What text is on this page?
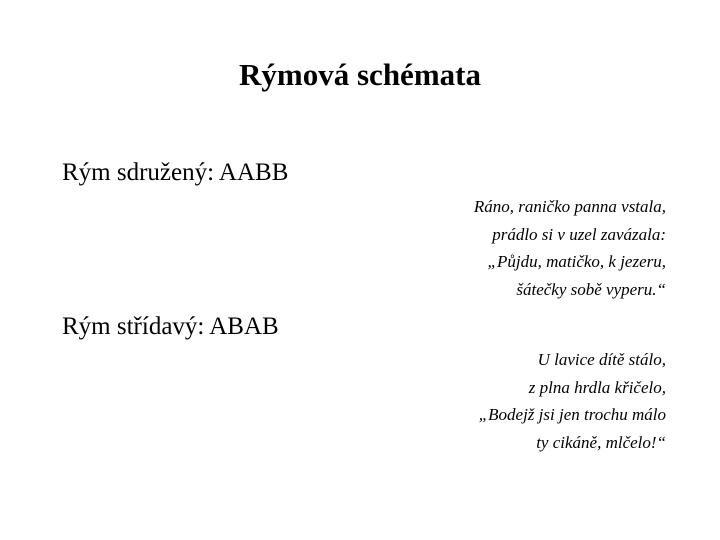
Rýmová schémata
Rým sdružený: AABB
Ráno, raničko panna vstala,
prádlo si v uzel zavázala:
„Půjdu, matičko, k jezeru,
šátečky sobě vyperu.“
Rým střídavý: ABAB
U lavice dítě stálo,
z plna hrdla křičelo,
„Bodejž jsi jen trochu málo
ty cikáně, mlčelo!“
